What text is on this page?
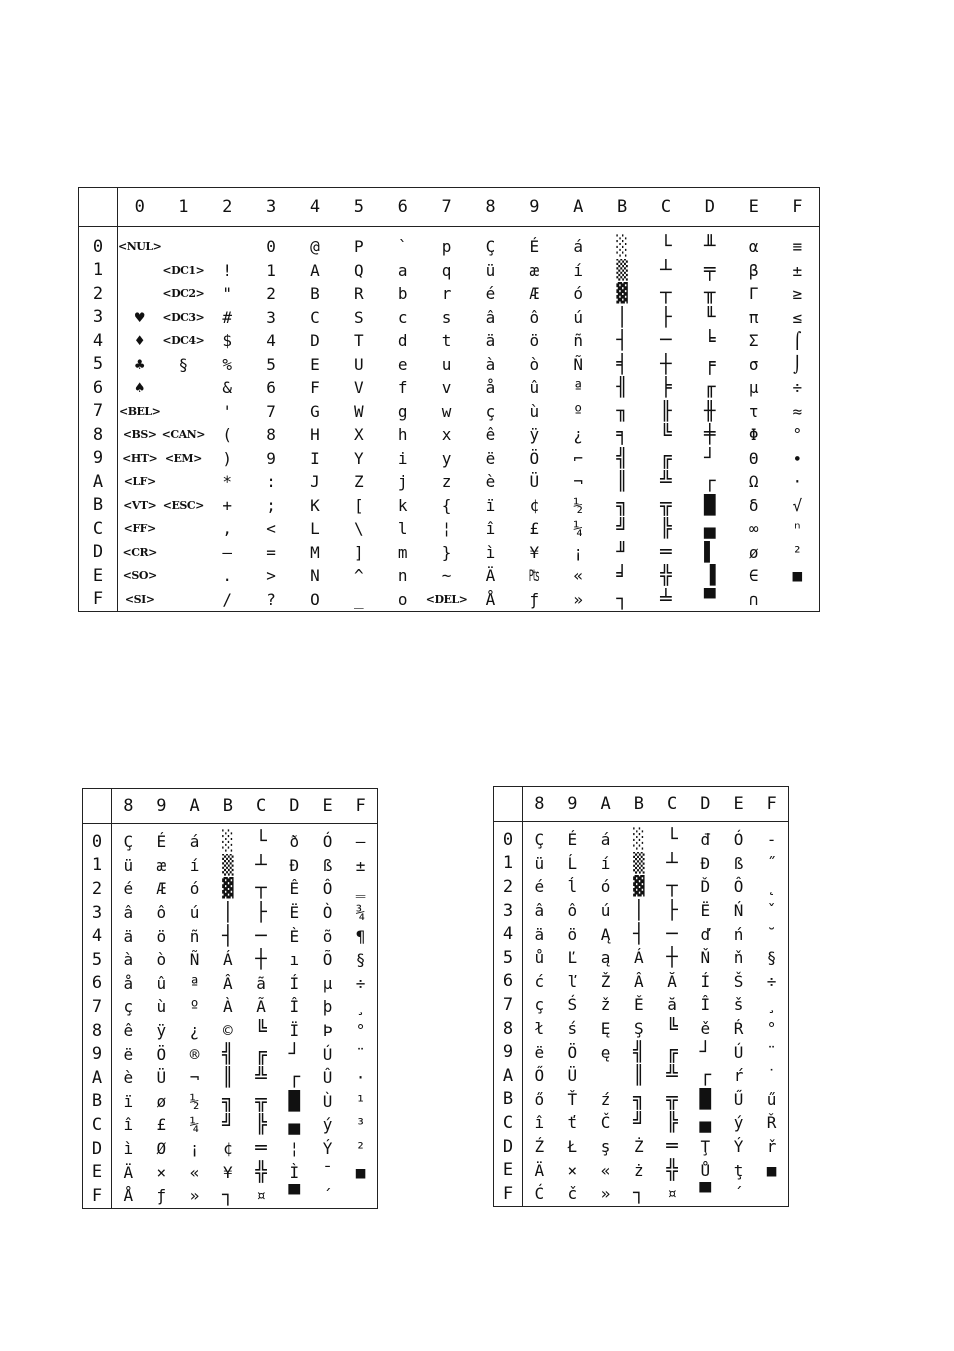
	0	1	2	3	4	5	6	7	8	9	A	B	C	D	E	F
0	<NUL>			0	@	P	`	p	Ç	É	á	░	└	╨	α	≡
1		<DC1>	!	1	A	Q	a	q	ü	æ	í	▒	┴	╤	β	±
2		<DC2>	"	2	B	R	b	r	é	Æ	ó	▓	┬	╥	Γ	≥
3	♥	<DC3>	#	3	C	S	c	s	â	ô	ú	│	├	╙	π	≤
4	♦	<DC4>	$	4	D	T	d	t	ä	ö	ñ	┤	─	╘	Σ	⌠
5	♣	§	%	5	E	U	e	u	à	ò	Ñ	╡	┼	╒	σ	⌡
6	♠		&	6	F	V	f	v	å	û	ª	╢	╞	╓	µ	÷
7	<BEL>		'	7	G	W	g	w	ç	ù	º	╖	╟	╫	τ	≈
8	<BS>	<CAN>	(	8	H	X	h	x	ê	ÿ	¿	╕	╚	╪	Φ	°
9	<HT>	<EM>	)	9	I	Y	i	y	ë	Ö	⌐	╣	╔	┘	Θ	∙
A	<LF>		*	:	J	Z	j	z	è	Ü	¬	║	╩	┌	Ω	·
B	<VT>	<ESC>	+	;	K	[	k	{	ï	¢	½	╗	╦	█	δ	√
C	<FF>		,	<	L	\	l	¦	î	£	¼	╝	╠	▄	∞	ⁿ
D	<CR>		—	=	M	]	m	}	ì	¥	¡	╜	═	▌	ø	²
E	<SO>		.	>	N	^	n	~	Ä	₧	«	╛	╬	▐	∈	■
F	<SI>		/	?	O	_	o	<DEL>	Å	ƒ	»	┐	╧	▀	∩	
	8	9	A	B	C	D	E	F
0	Ç	É	á	░	└	ð	Ó	—
1	ü	æ	í	▒	┴	Ð	ß	±
2	é	Æ	ó	▓	┬	Ê	Ô	‗
3	â	ô	ú	│	├	Ë	Ò	¾
4	ä	ö	ñ	┤	─	È	õ	¶
5	à	ò	Ñ	Á	┼	ı	Õ	§
6	å	û	ª	Â	ã	Í	µ	÷
7	ç	ù	º	À	Ã	Î	þ	¸
8	ê	ÿ	¿	©	╚	Ï	Þ	°
9	ë	Ö	®	╣	╔	┘	Ú	¨
A	è	Ü	¬	║	╩	┌	Û	·
B	ï	ø	½	╗	╦	█	Ù	¹
C	î	£	¼	╝	╠	▄	ý	³
D	ì	Ø	¡	¢	═	¦	Ý	²
E	Ä	×	«	¥	╬	Ì	¯	■
F	Å	ƒ	»	┐	¤	▀	´	
	8	9	A	B	C	D	E	F
0	Ç	É	á	░	└	đ	Ó	-
1	ü	Ĺ	í	▒	┴	Đ	ß	˝
2	é	ĺ	ó	▓	┬	Ď	Ô	˛
3	â	ô	ú	│	├	Ë	Ń	ˇ
4	ä	ö	Ą	┤	─	ď	ń	˘
5	ů	Ľ	ą	Á	┼	Ň	ň	§
6	ć	ľ	Ž	Â	Ă	Í	Š	÷
7	ç	Ś	ž	Ě	ă	Î	š	¸
8	ł	ś	Ę	Ş	╚	ě	Ŕ	°
9	ë	Ö	ę	╣	╔	┘	Ú	¨
A	Ő	Ü		║	╩	┌	ŕ	˙
B	ő	Ť	ź	╗	╦	█	Ű	ű
C	î	ť	Č	╝	╠	▄	ý	Ř
D	Ź	Ł	ş	Ż	═	Ţ	Ý	ř
E	Ä	×	«	ż	╬	Ů	ţ	■
F	Ć	č	»	┐	¤	▀	´	
